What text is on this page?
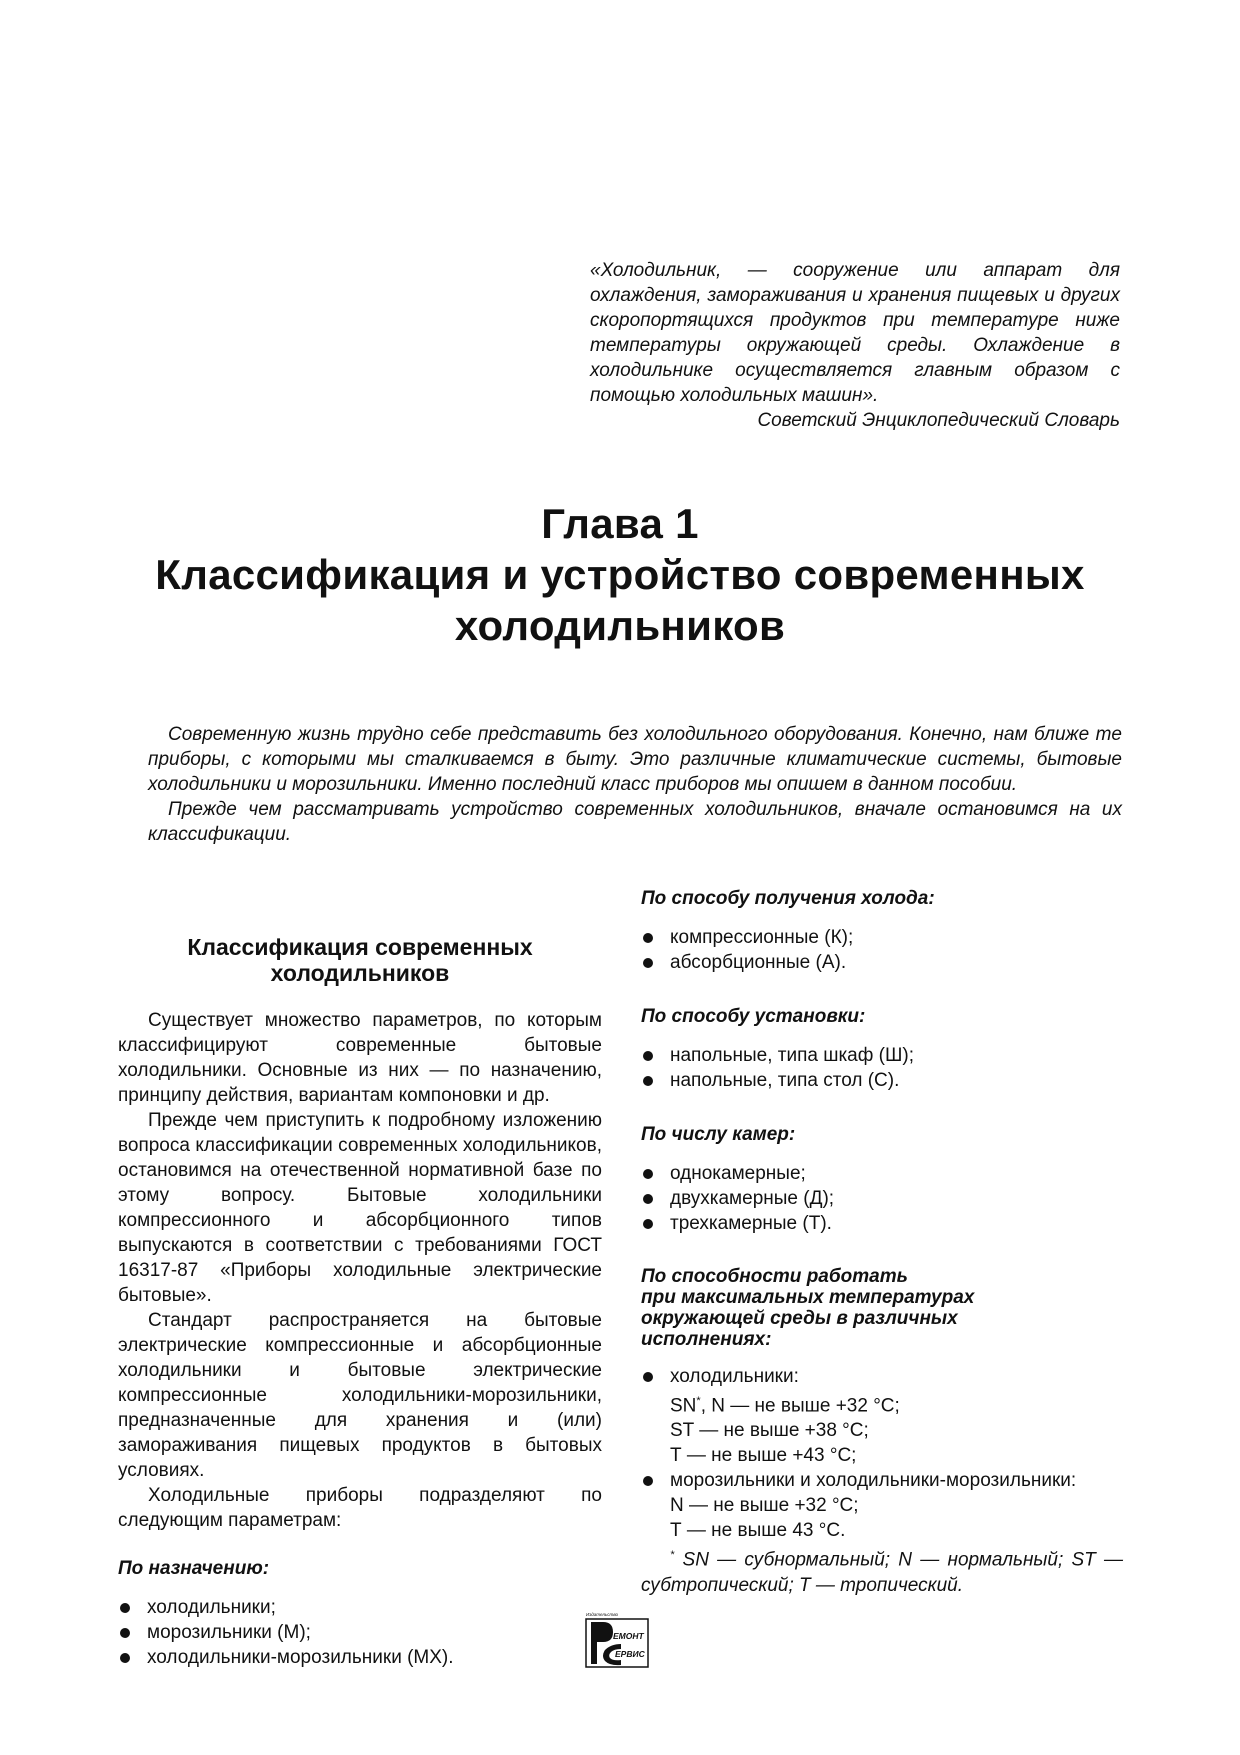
«Холодильник, — сооружение или аппарат для охлаждения, замораживания и хранения пищевых и других скоропортящихся продуктов при температуре ниже температуры окружающей среды. Охлаждение в холодильнике осуществляется главным образом с помощью холодильных машин».
Советский Энциклопедический Словарь
Глава 1
Классификация и устройство современных
холодильников

Современную жизнь трудно себе представить без холодильного оборудования. Конечно, нам ближе те приборы, с которыми мы сталкиваемся в быту. Это различные климатические системы, бытовые холодильники и морозильники. Именно последний класс приборов мы опишем в данном пособии.

Прежде чем рассматривать устройство современных холодильников, вначале остановимся на их классификации.

Классификация современных
холодильников

Существует множество параметров, по которым классифицируют современные бытовые холодильники. Основные из них — по назначению, принципу действия, вариантам компоновки и др.

Прежде чем приступить к подробному изложению вопроса классификации современных холодильников, остановимся на отечественной нормативной базе по этому вопросу. Бытовые холодильники компрессионного и абсорбционного типов выпускаются в соответствии с требованиями ГОСТ 16317-87 «Приборы холодильные электрические бытовые».

Стандарт распространяется на бытовые электрические компрессионные и абсорбционные холодильники и бытовые электрические компрессионные холодильники-морозильники, предназначенные для хранения и (или) замораживания пищевых продуктов в бытовых условиях.

Холодильные приборы подразделяют по следующим параметрам:

По назначению:
холодильники;
морозильники (М);
холодильники-морозильники (МХ).
По способу получения холода:
компрессионные (К);
абсорбционные (А).
По способу установки:
напольные, типа шкаф (Ш);
напольные, типа стол (С).
По числу камер:
однокамерные;
двухкамерные (Д);
трехкамерные (Т).
По способности работать
при максимальных температурах
окружающей среды в различных
исполнениях:
холодильники:
SN*, N — не выше +32 °С;
ST — не выше +38 °С;
Т — не выше +43 °С;
морозильники и холодильники-морозильники:
N — не выше +32 °С;
Т — не выше 43 °С.
* SN — субнормальный; N — нормальный; ST — субтропический; Т — тропический.
Издательство
ЕМОНТ
ЕРВИС
